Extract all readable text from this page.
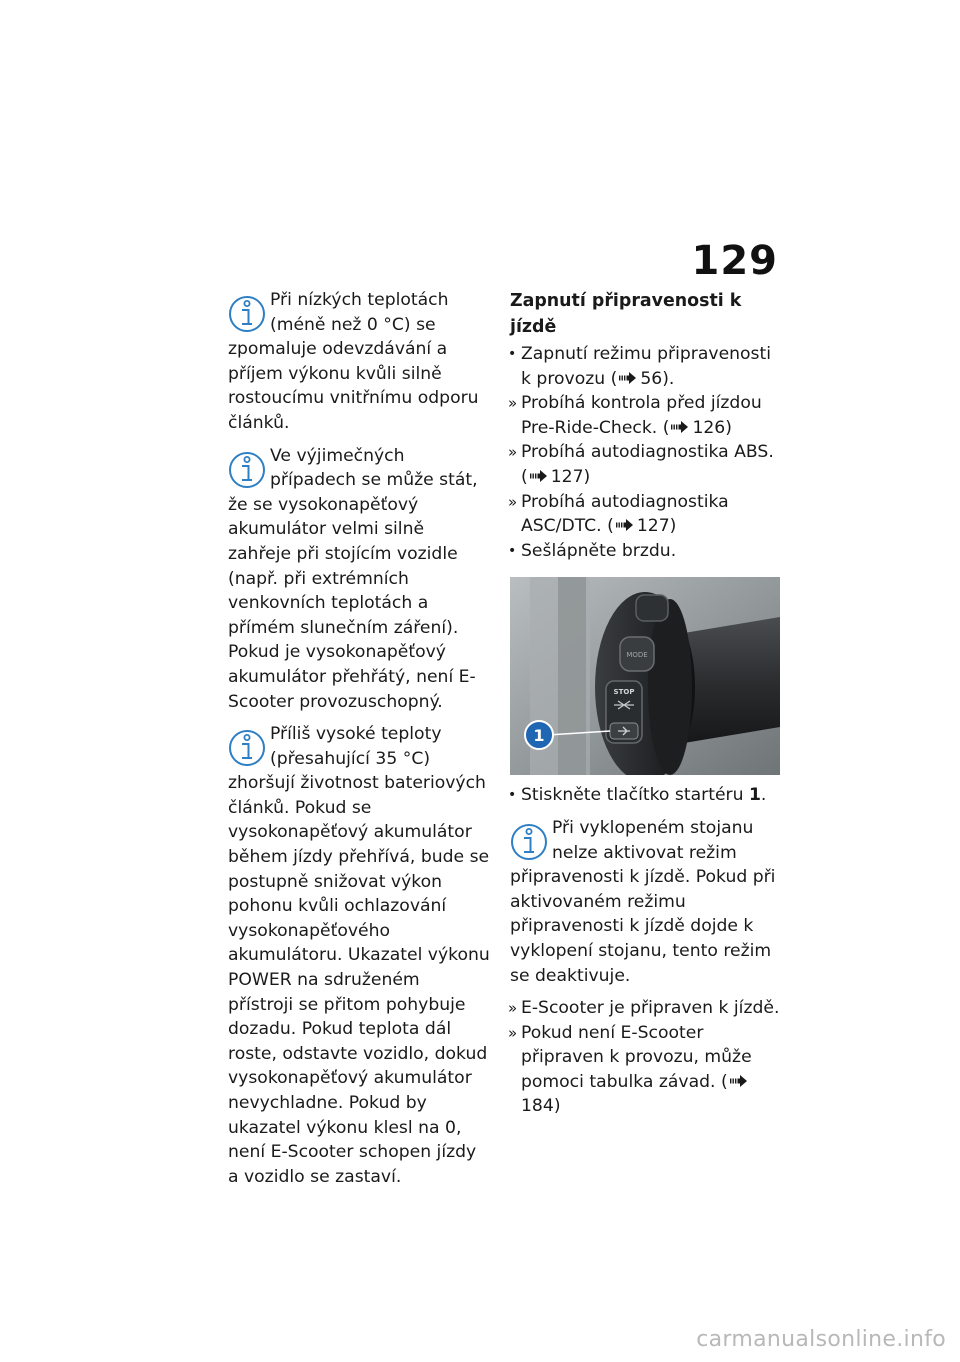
129

Při nízkých teplotách (méně než 0 °C) se zpomaluje odevzdávání a příjem výkonu kvůli silně rostoucímu vnitřnímu odporu článků.

Ve výjimečných případech se může stát, že se vysokonapěťový akumulátor velmi silně zahřeje při stojícím vozidle (např. při extrémních venkovních teplotách a přímém slunečním záření). Pokud je vysokonapěťový akumulátor přehřátý, není E-Scooter provozuschopný.

Příliš vysoké teploty (přesahující 35 °C) zhoršují životnost bateriových článků. Pokud se vysokonapěťový akumulátor během jízdy přehřívá, bude se postupně snižovat výkon pohonu kvůli ochlazování vysokonapěťového akumulátoru. Ukazatel výkonu POWER na sdruženém přístroji se přitom pohybuje dozadu. Pokud teplota dál roste, odstavte vozidlo, dokud vysokonapěťový akumulátor nevychladne. Pokud by ukazatel výkonu klesl na 0, není E-Scooter schopen jízdy a vozidlo se zastaví.

Zapnutí připravenosti k jízdě
• Zapnutí režimu připravenosti k provozu ( 56).
» Probíhá kontrola před jízdou Pre-Ride-Check. ( 126)
» Probíhá autodiagnostika ABS. ( 127)
» Probíhá autodiagnostika ASC/DTC. ( 127)
• Sešlápněte brzdu.
MODE
STOP
1
• Stiskněte tlačítko startéru 1.

Při vyklopeném stojanu nelze aktivovat režim připravenosti k jízdě. Pokud při aktivovaném režimu připravenosti k jízdě dojde k vyklopení stojanu, tento režim se deaktivuje.

» E-Scooter je připraven k jízdě.
» Pokud není E-Scooter připraven k provozu, může pomoci tabulka závad. (184)
carmanualsonline.info
